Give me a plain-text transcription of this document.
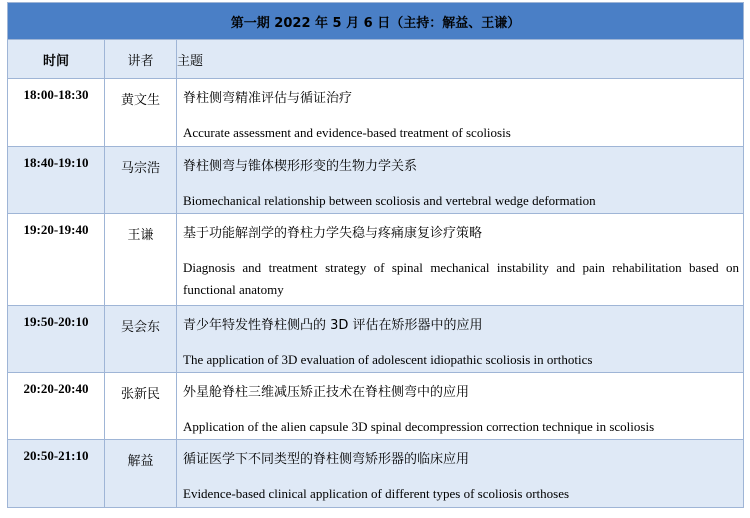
第一期 2022 年 5 月 6 日（主持：解益、王谦）		
时间	讲者	主题
18:00-18:30	黄文生	脊柱侧弯精准评估与循证治疗
Accurate assessment and evidence-based treatment of scoliosis

18:40-19:10	马宗浩	脊柱侧弯与锥体楔形形变的生物力学关系
Biomechanical relationship between scoliosis and vertebral wedge deformation

19:20-19:40	王谦	基于功能解剖学的脊柱力学失稳与疼痛康复诊疗策略
Diagnosis and treatment strategy of spinal mechanical instability and pain rehabilitation based on functional anatomy

19:50-20:10	吴会东	青少年特发性脊柱侧凸的 3D 评估在矫形器中的应用
The application of 3D evaluation of adolescent idiopathic scoliosis in orthotics

20:20-20:40	张新民	外星舱脊柱三维减压矫正技术在脊柱侧弯中的应用
Application of the alien capsule 3D spinal decompression correction technique in scoliosis

20:50-21:10	解益	循证医学下不同类型的脊柱侧弯矫形器的临床应用
Evidence-based clinical application of different types of scoliosis orthoses
